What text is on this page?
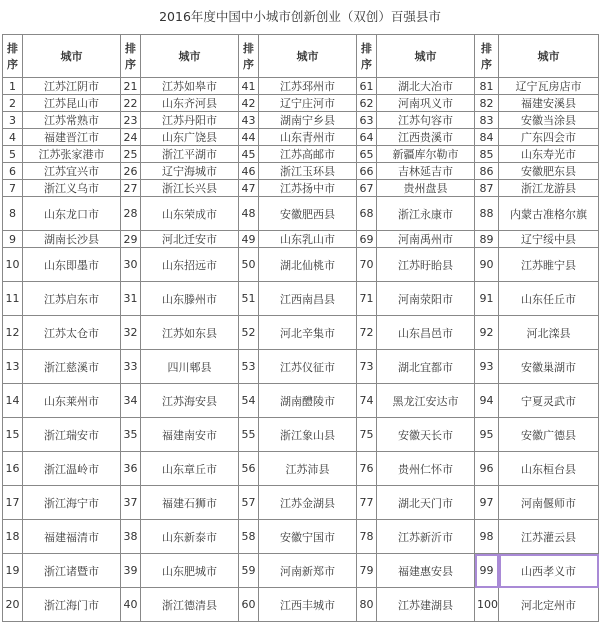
2016年度中国中小城市创新创业（双创）百强县市
排序	城市	排序	城市	排序	城市	排序	城市	排序	城市
1	江苏江阴市	21	江苏如皋市	41	江苏邳州市	61	湖北大冶市	81	辽宁瓦房店市
2	江苏昆山市	22	山东齐河县	42	辽宁庄河市	62	河南巩义市	82	福建安溪县
3	江苏常熟市	23	江苏丹阳市	43	湖南宁乡县	63	江苏句容市	83	安徽当涂县
4	福建晋江市	24	山东广饶县	44	山东青州市	64	江西贵溪市	84	广东四会市
5	江苏张家港市	25	浙江平湖市	45	江苏高邮市	65	新疆库尔勒市	85	山东寿光市
6	江苏宜兴市	26	辽宁海城市	46	浙江玉环县	66	吉林延吉市	86	安徽肥东县
7	浙江义乌市	27	浙江长兴县	47	江苏扬中市	67	贵州盘县	87	浙江龙游县
8	山东龙口市	28	山东荣成市	48	安徽肥西县	68	浙江永康市	88	内蒙古准格尔旗
9	湖南长沙县	29	河北迁安市	49	山东乳山市	69	河南禹州市	89	辽宁绥中县
10	山东即墨市	30	山东招远市	50	湖北仙桃市	70	江苏盱眙县	90	江苏睢宁县
11	江苏启东市	31	山东滕州市	51	江西南昌县	71	河南荥阳市	91	山东任丘市
12	江苏太仓市	32	江苏如东县	52	河北辛集市	72	山东昌邑市	92	河北滦县
13	浙江慈溪市	33	四川郫县	53	江苏仪征市	73	湖北宜都市	93	安徽巢湖市
14	山东莱州市	34	江苏海安县	54	湖南醴陵市	74	黑龙江安达市	94	宁夏灵武市
15	浙江瑞安市	35	福建南安市	55	浙江象山县	75	安徽天长市	95	安徽广德县
16	浙江温岭市	36	山东章丘市	56	江苏沛县	76	贵州仁怀市	96	山东桓台县
17	浙江海宁市	37	福建石狮市	57	江苏金湖县	77	湖北天门市	97	河南偃师市
18	福建福清市	38	山东新泰市	58	安徽宁国市	78	江苏新沂市	98	江苏灌云县
19	浙江诸暨市	39	山东肥城市	59	河南新郑市	79	福建惠安县	99	山西孝义市
20	浙江海门市	40	浙江德清县	60	江西丰城市	80	江苏建湖县	100	河北定州市
